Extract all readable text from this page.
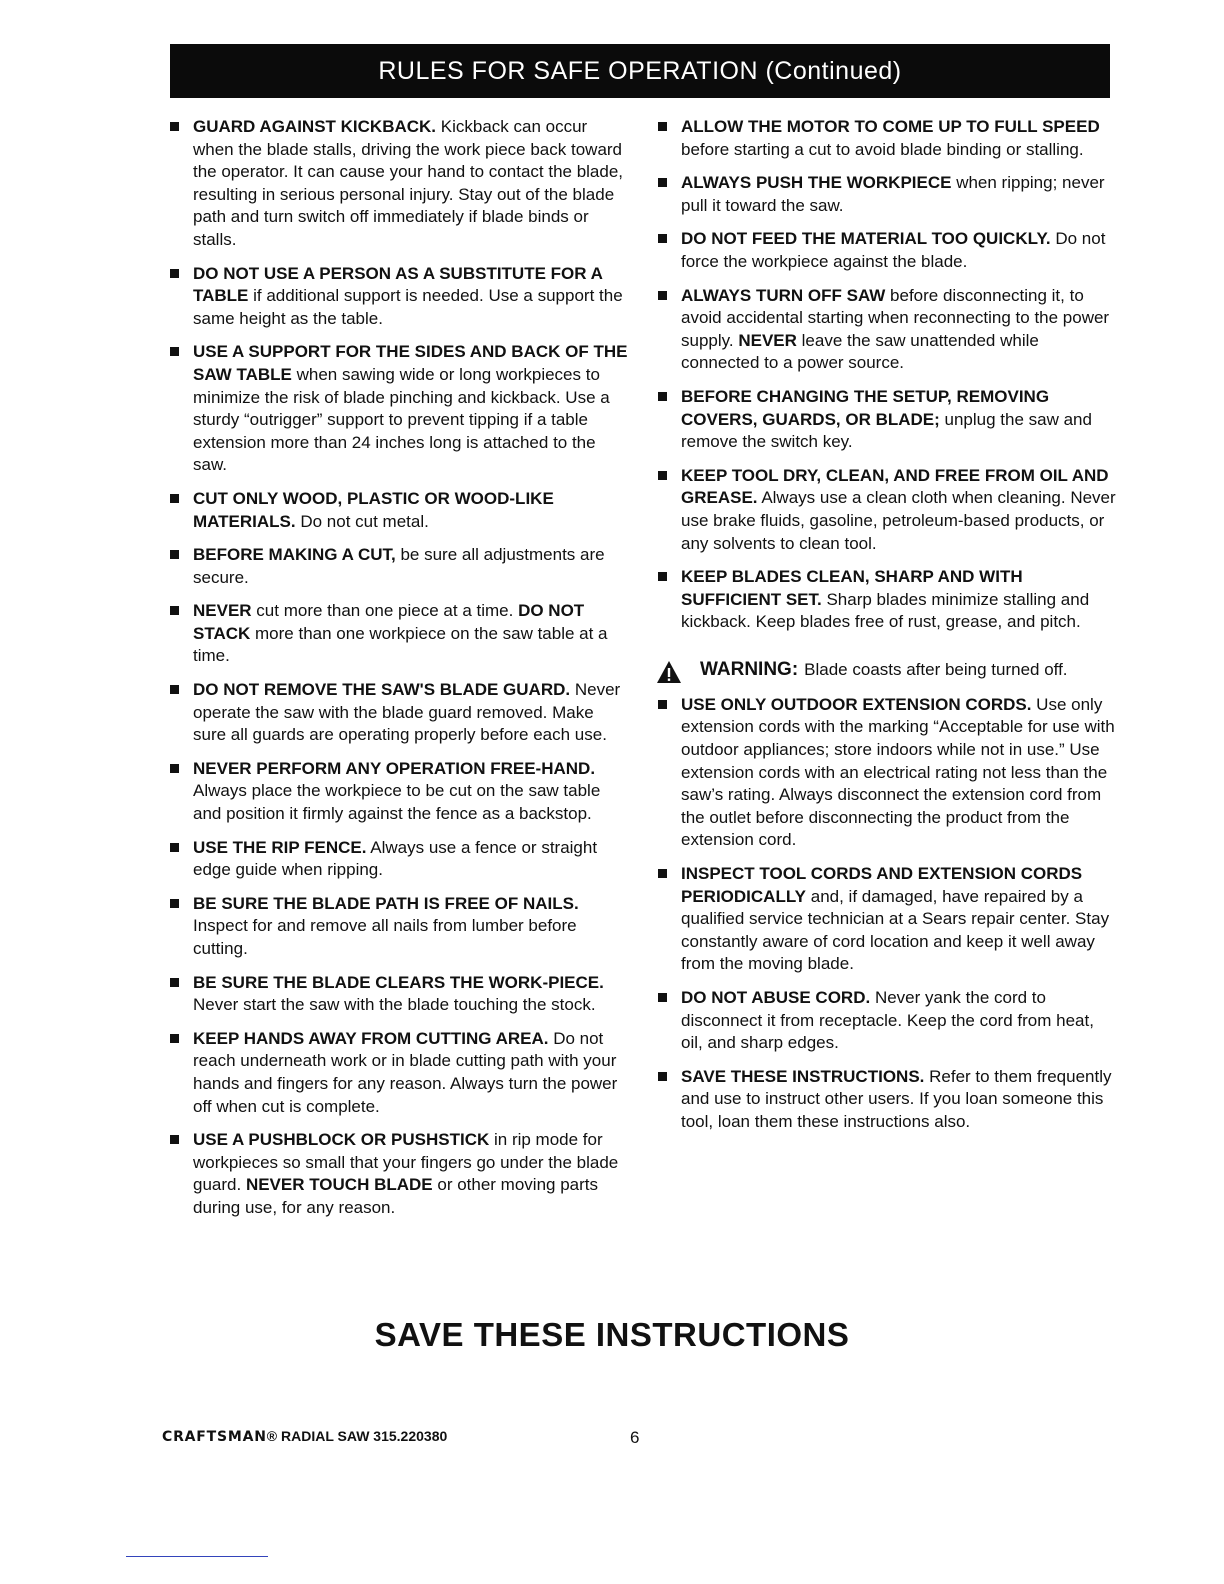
RULES FOR SAFE OPERATION (Continued)
GUARD AGAINST KICKBACK. Kickback can occur when the blade stalls, driving the work piece back toward the operator. It can cause your hand to contact the blade, resulting in serious personal injury. Stay out of the blade path and turn switch off immediately if blade binds or stalls.
DO NOT USE A PERSON AS A SUBSTITUTE FOR A TABLE if additional support is needed. Use a support the same height as the table.
USE A SUPPORT FOR THE SIDES AND BACK OF THE SAW TABLE when sawing wide or long workpieces to minimize the risk of blade pinching and kickback. Use a sturdy “outrigger” support to prevent tipping if a table extension more than 24 inches long is attached to the saw.
CUT ONLY WOOD, PLASTIC OR WOOD-LIKE MATERIALS. Do not cut metal.
BEFORE MAKING A CUT, be sure all adjustments are secure.
NEVER cut more than one piece at a time. DO NOT STACK more than one workpiece on the saw table at a time.
DO NOT REMOVE THE SAW'S BLADE GUARD. Never operate the saw with the blade guard removed. Make sure all guards are operating properly before each use.
NEVER PERFORM ANY OPERATION FREE-HAND. Always place the workpiece to be cut on the saw table and position it firmly against the fence as a backstop.
USE THE RIP FENCE. Always use a fence or straight edge guide when ripping.
BE SURE THE BLADE PATH IS FREE OF NAILS. Inspect for and remove all nails from lumber before cutting.
BE SURE THE BLADE CLEARS THE WORK-PIECE. Never start the saw with the blade touching the stock.
KEEP HANDS AWAY FROM CUTTING AREA. Do not reach underneath work or in blade cutting path with your hands and fingers for any reason. Always turn the power off when cut is complete.
USE A PUSHBLOCK OR PUSHSTICK in rip mode for workpieces so small that your fingers go under the blade guard. NEVER TOUCH BLADE or other moving parts during use, for any reason.
ALLOW THE MOTOR TO COME UP TO FULL SPEED before starting a cut to avoid blade binding or stalling.
ALWAYS PUSH THE WORKPIECE when ripping; never pull it toward the saw.
DO NOT FEED THE MATERIAL TOO QUICKLY. Do not force the workpiece against the blade.
ALWAYS TURN OFF SAW before disconnecting it, to avoid accidental starting when reconnecting to the power supply. NEVER leave the saw unattended while connected to a power source.
BEFORE CHANGING THE SETUP, REMOVING COVERS, GUARDS, OR BLADE; unplug the saw and remove the switch key.
KEEP TOOL DRY, CLEAN, AND FREE FROM OIL AND GREASE. Always use a clean cloth when cleaning. Never use brake fluids, gasoline, petroleum-based products, or any solvents to clean tool.
KEEP BLADES CLEAN, SHARP AND WITH SUFFICIENT SET. Sharp blades minimize stalling and kickback. Keep blades free of rust, grease, and pitch.
WARNING: Blade coasts after being turned off.
USE ONLY OUTDOOR EXTENSION CORDS. Use only extension cords with the marking “Acceptable for use with outdoor appliances; store indoors while not in use.” Use extension cords with an electrical rating not less than the saw’s rating. Always disconnect the extension cord from the outlet before disconnecting the product from the extension cord.
INSPECT TOOL CORDS AND EXTENSION CORDS PERIODICALLY and, if damaged, have repaired by a qualified service technician at a Sears repair center. Stay constantly aware of cord location and keep it well away from the moving blade.
DO NOT ABUSE CORD. Never yank the cord to disconnect it from receptacle. Keep the cord from heat, oil, and sharp edges.
SAVE THESE INSTRUCTIONS. Refer to them frequently and use to instruct other users. If you loan someone this tool, loan them these instructions also.
SAVE THESE INSTRUCTIONS
CRAFTSMAN® RADIAL SAW 315.220380	6
